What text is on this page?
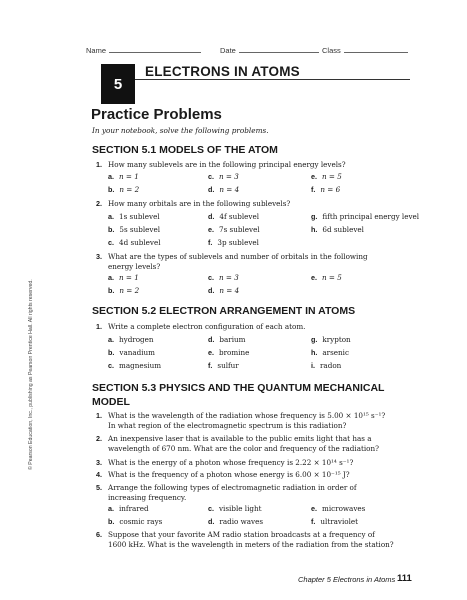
Name	Date	Class
5
ELECTRONS IN ATOMS
Practice Problems
In your notebook, solve the following problems.
SECTION 5.1 MODELS OF THE ATOM
1. How many sublevels are in the following principal energy levels?
a. n = 1	c. n = 3	e. n = 5
b. n = 2	d. n = 4	f. n = 6
2. How many orbitals are in the following sublevels?
a. 1s sublevel	d. 4f sublevel	g. fifth principal energy level
b. 5s sublevel	e. 7s sublevel	h. 6d sublevel
c. 4d sublevel	f. 3p sublevel
3. What are the types of sublevels and number of orbitals in the following
energy levels?
a. n = 1	c. n = 3	e. n = 5
b. n = 2	d. n = 4
SECTION 5.2 ELECTRON ARRANGEMENT IN ATOMS
1. Write a complete electron configuration of each atom.
a. hydrogen	d. barium	g. krypton
b. vanadium	e. bromine	h. arsenic
c. magnesium	f. sulfur	i. radon
SECTION 5.3 PHYSICS AND THE QUANTUM MECHANICAL
MODEL
1. What is the wavelength of the radiation whose frequency is 5.00 × 10¹⁵ s⁻¹?
In what region of the electromagnetic spectrum is this radiation?
2. An inexpensive laser that is available to the public emits light that has a
wavelength of 670 nm. What are the color and frequency of the radiation?
3. What is the energy of a photon whose frequency is 2.22 × 10¹⁴ s⁻¹?
4. What is the frequency of a photon whose energy is 6.00 × 10⁻¹⁵ J?
5. Arrange the following types of electromagnetic radiation in order of
increasing frequency.
a. infrared	c. visible light	e. microwaves
b. cosmic rays	d. radio waves	f. ultraviolet
6. Suppose that your favorite AM radio station broadcasts at a frequency of
1600 kHz. What is the wavelength in meters of the radiation from the station?
© Pearson Education, Inc., publishing as Pearson Prentice Hall. All rights reserved.
Chapter 5 Electrons in Atoms 111
